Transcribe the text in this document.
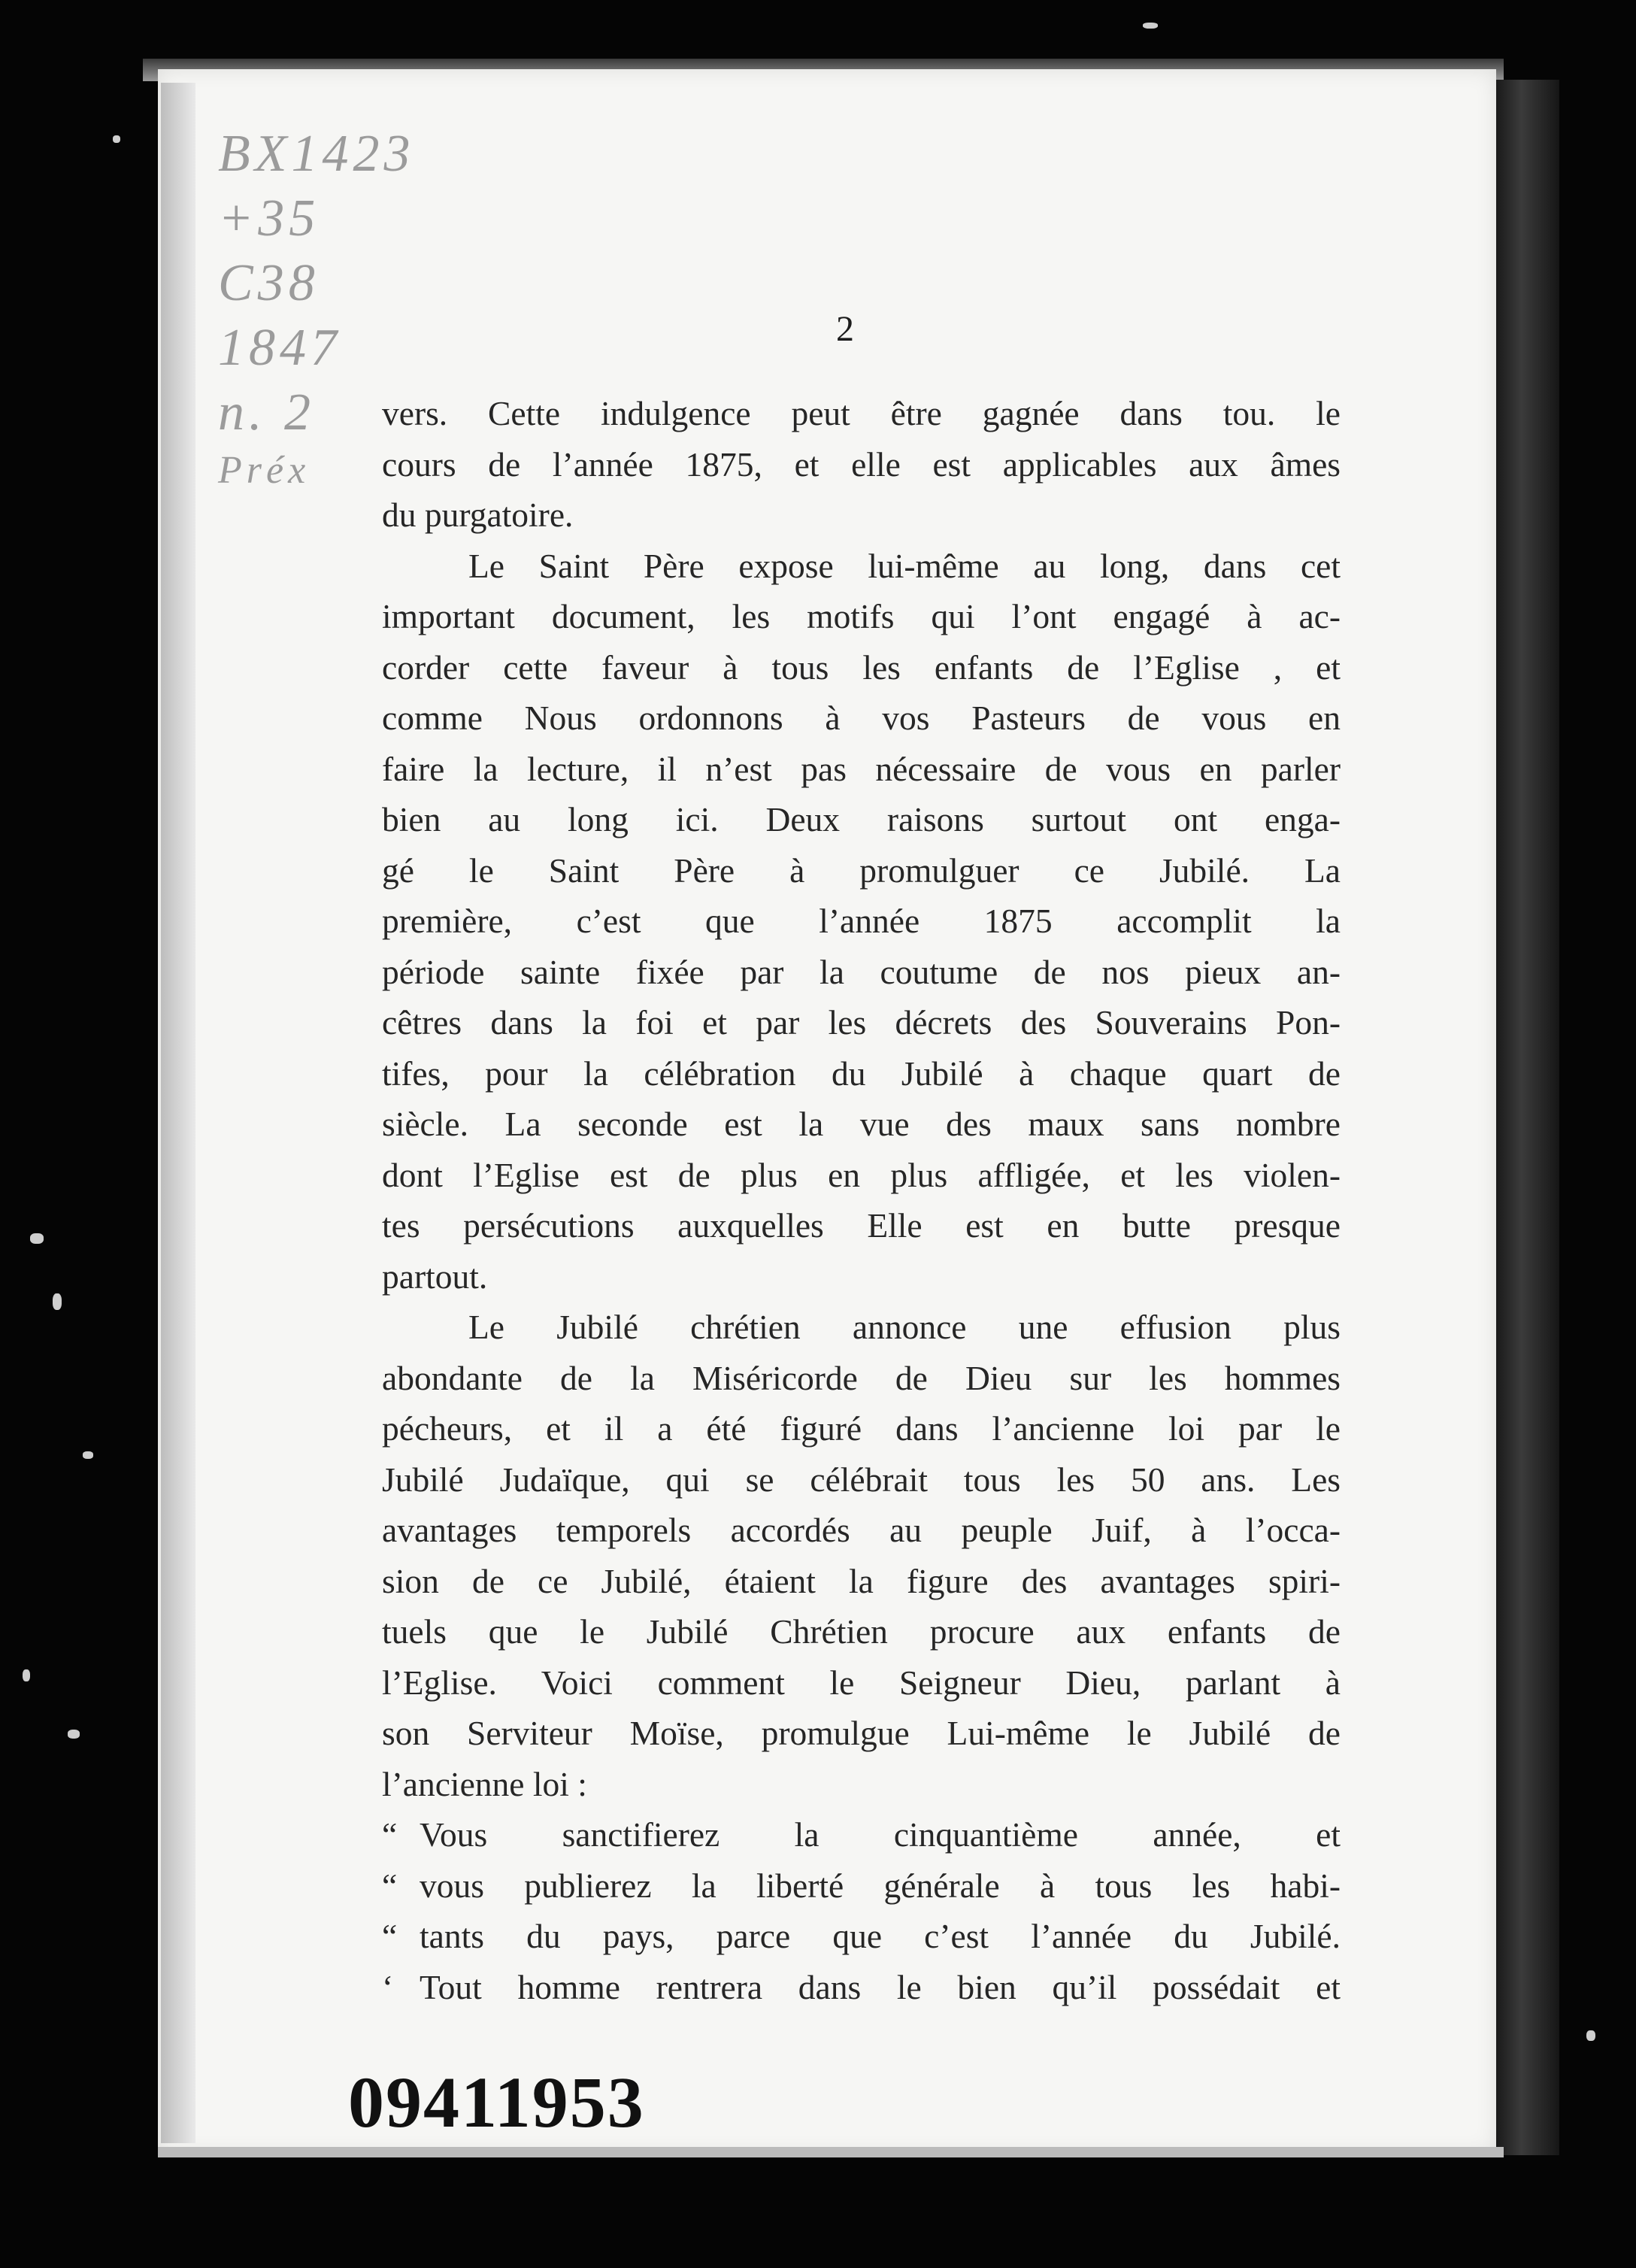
BX1423
+35
C38
1847
n. 2
Préx
2
vers. Cette indulgence peut être gagnée dans tou. le
cours de l’année 1875, et elle est applicables aux âmes
du purgatoire.
Le Saint Père expose lui-même au long, dans cet
important document, les motifs qui l’ont engagé à ac-
corder cette faveur à tous les enfants de l’Eglise , et
comme Nous ordonnons à vos Pasteurs de vous en
faire la lecture, il n’est pas nécessaire de vous en parler
bien au long ici. Deux raisons surtout ont enga-
gé le Saint Père à promulguer ce Jubilé. La
première, c’est que l’année 1875 accomplit la
période sainte fixée par la coutume de nos pieux an-
cêtres dans la foi et par les décrets des Souverains Pon-
tifes, pour la célébration du Jubilé à chaque quart de
siècle. La seconde est la vue des maux sans nombre
dont l’Eglise est de plus en plus affligée, et les violen-
tes persécutions auxquelles Elle est en butte presque
partout.
Le Jubilé chrétien annonce une effusion plus
abondante de la Miséricorde de Dieu sur les hommes
pécheurs, et il a été figuré dans l’ancienne loi par le
Jubilé Judaïque, qui se célébrait tous les 50 ans. Les
avantages temporels accordés au peuple Juif, à l’occa-
sion de ce Jubilé, étaient la figure des avantages spiri-
tuels que le Jubilé Chrétien procure aux enfants de
l’Eglise. Voici comment le Seigneur Dieu, parlant à
son Serviteur Moïse, promulgue Lui-même le Jubilé de
l’ancienne loi :
“ Vous sanctifierez la cinquantième année, et
“ vous publierez la liberté générale à tous les habi-
“ tants du pays, parce que c’est l’année du Jubilé.
‘ Tout homme rentrera dans le bien qu’il possédait et
09411953
